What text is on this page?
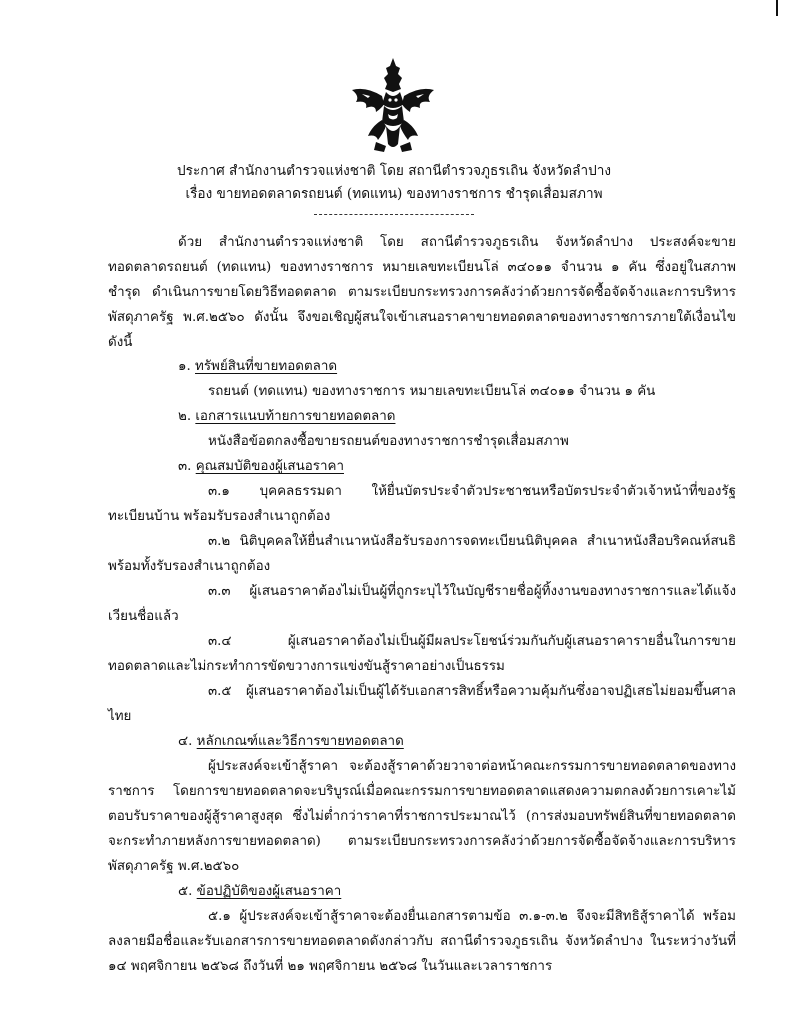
ประกาศ สำนักงานตำรวจแห่งชาติ โดย สถานีตำรวจภูธรเถิน จังหวัดลำปาง
เรื่อง ขายทอดตลาดรถยนต์ (ทดแทน) ของทางราชการ ชำรุดเสื่อมสภาพ
ด้วย สำนักงานตำรวจแห่งชาติ โดย สถานีตำรวจภูธรเถิน จังหวัดลำปาง ประสงค์จะขาย
ทอดตลาดรถยนต์ (ทดแทน) ของทางราชการ หมายเลขทะเบียนโล่ ๓๔๐๑๑ จำนวน ๑ คัน ซึ่งอยู่ในสภาพ
ชำรุด ดำเนินการขายโดยวิธีทอดตลาด ตามระเบียบกระทรวงการคลังว่าด้วยการจัดซื้อจัดจ้างและการบริหาร
พัสดุภาครัฐ พ.ศ.๒๕๖๐ ดังนั้น จึงขอเชิญผู้สนใจเข้าเสนอราคาขายทอดตลาดของทางราชการภายใต้เงื่อนไข
ดังนี้
๑. ทรัพย์สินที่ขายทอดตลาด
รถยนต์ (ทดแทน) ของทางราชการ หมายเลขทะเบียนโล่ ๓๔๐๑๑ จำนวน ๑ คัน
๒. เอกสารแนบท้ายการขายทอดตลาด
หนังสือข้อตกลงซื้อขายรถยนต์ของทางราชการชำรุดเสื่อมสภาพ
๓. คุณสมบัติของผู้เสนอราคา
๓.๑ บุคคลธรรมดา ให้ยื่นบัตรประจำตัวประชาชนหรือบัตรประจำตัวเจ้าหน้าที่ของรัฐ
ทะเบียนบ้าน พร้อมรับรองสำเนาถูกต้อง
๓.๒ นิติบุคคลให้ยื่นสำเนาหนังสือรับรองการจดทะเบียนนิติบุคคล สำเนาหนังสือบริคณห์สนธิ
พร้อมทั้งรับรองสำเนาถูกต้อง
๓.๓ ผู้เสนอราคาต้องไม่เป็นผู้ที่ถูกระบุไว้ในบัญชีรายชื่อผู้ทิ้งงานของทางราชการและได้แจ้ง
เวียนชื่อแล้ว
๓.๔ ผู้เสนอราคาต้องไม่เป็นผู้มีผลประโยชน์ร่วมกันกับผู้เสนอราคารายอื่นในการขาย
ทอดตลาดและไม่กระทำการขัดขวางการแข่งขันสู้ราคาอย่างเป็นธรรม
๓.๕ ผู้เสนอราคาต้องไม่เป็นผู้ได้รับเอกสารสิทธิ์หรือความคุ้มกันซึ่งอาจปฏิเสธไม่ยอมขึ้นศาล
ไทย
๔. หลักเกณฑ์และวิธีการขายทอดตลาด
ผู้ประสงค์จะเข้าสู้ราคา จะต้องสู้ราคาด้วยวาจาต่อหน้าคณะกรรมการขายทอดตลาดของทาง
ราชการ โดยการขายทอดตลาดจะบริบูรณ์เมื่อคณะกรรมการขายทอดตลาดแสดงความตกลงด้วยการเคาะไม้
ตอบรับราคาของผู้สู้ราคาสูงสุด ซึ่งไม่ต่ำกว่าราคาที่ราชการประมาณไว้ (การส่งมอบทรัพย์สินที่ขายทอดตลาด
จะกระทำภายหลังการขายทอดตลาด) ตามระเบียบกระทรวงการคลังว่าด้วยการจัดซื้อจัดจ้างและการบริหาร
พัสดุภาครัฐ พ.ศ.๒๕๖๐
๕. ข้อปฏิบัติของผู้เสนอราคา
๕.๑ ผู้ประสงค์จะเข้าสู้ราคาจะต้องยื่นเอกสารตามข้อ ๓.๑-๓.๒ จึงจะมีสิทธิสู้ราคาได้ พร้อม
ลงลายมือชื่อและรับเอกสารการขายทอดตลาดดังกล่าวกับ สถานีตำรวจภูธรเถิน จังหวัดลำปาง ในระหว่างวันที่
๑๔ พฤศจิกายน ๒๕๖๘ ถึงวันที่ ๒๑ พฤศจิกายน ๒๕๖๘ ในวันและเวลาราชการ
